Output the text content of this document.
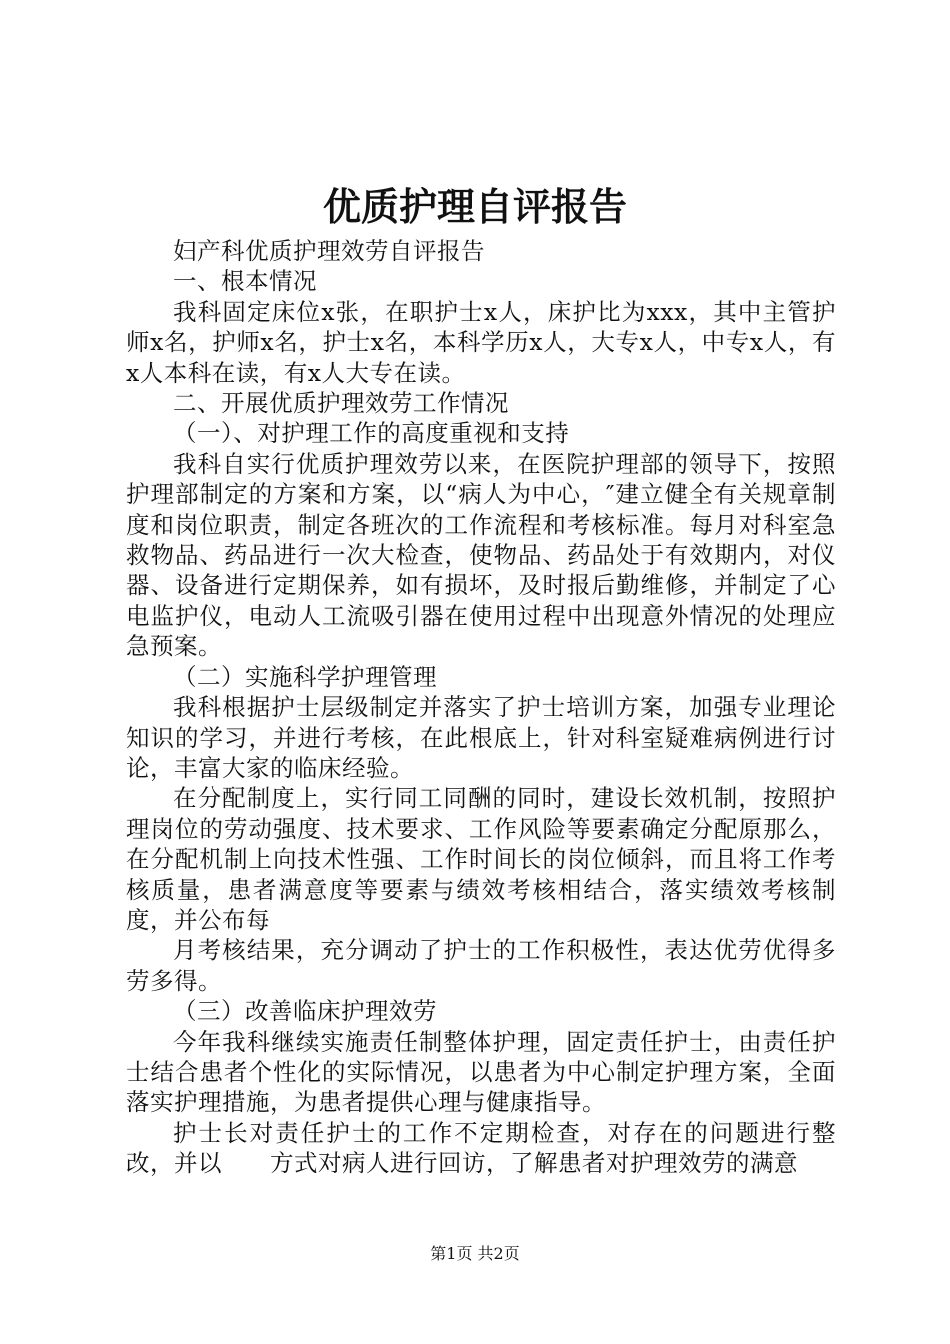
优质护理自评报告

妇产科优质护理效劳自评报告

一、根本情况

我科固定床位x张，在职护士x人，床护比为xxx，其中主管护师x名，护师x名，护士x名，本科学历x人，大专x人，中专x人，有x人本科在读，有x人大专在读。

二、开展优质护理效劳工作情况

（一）、对护理工作的高度重视和支持

我科自实行优质护理效劳以来，在医院护理部的领导下，按照护理部制定的方案和方案，以“病人为中心，″建立健全有关规章制度和岗位职责，制定各班次的工作流程和考核标准。每月对科室急救物品、药品进行一次大检查，使物品、药品处于有效期内，对仪器、设备进行定期保养，如有损坏，及时报后勤维修，并制定了心电监护仪，电动人工流吸引器在使用过程中出现意外情况的处理应急预案。

（二）实施科学护理管理

我科根据护士层级制定并落实了护士培训方案，加强专业理论知识的学习，并进行考核，在此根底上，针对科室疑难病例进行讨论，丰富大家的临床经验。

在分配制度上，实行同工同酬的同时，建设长效机制，按照护理岗位的劳动强度、技术要求、工作风险等要素确定分配原那么，在分配机制上向技术性强、工作时间长的岗位倾斜，而且将工作考核质量，患者满意度等要素与绩效考核相结合，落实绩效考核制度，并公布每

月考核结果，充分调动了护士的工作积极性，表达优劳优得多劳多得。

（三）改善临床护理效劳

今年我科继续实施责任制整体护理，固定责任护士，由责任护士结合患者个性化的实际情况，以患者为中心制定护理方案，全面落实护理措施，为患者提供心理与健康指导。

护士长对责任护士的工作不定期检查，对存在的问题进行整改，并以　　方式对病人进行回访，了解患者对护理效劳的满意

第1页 共2页
